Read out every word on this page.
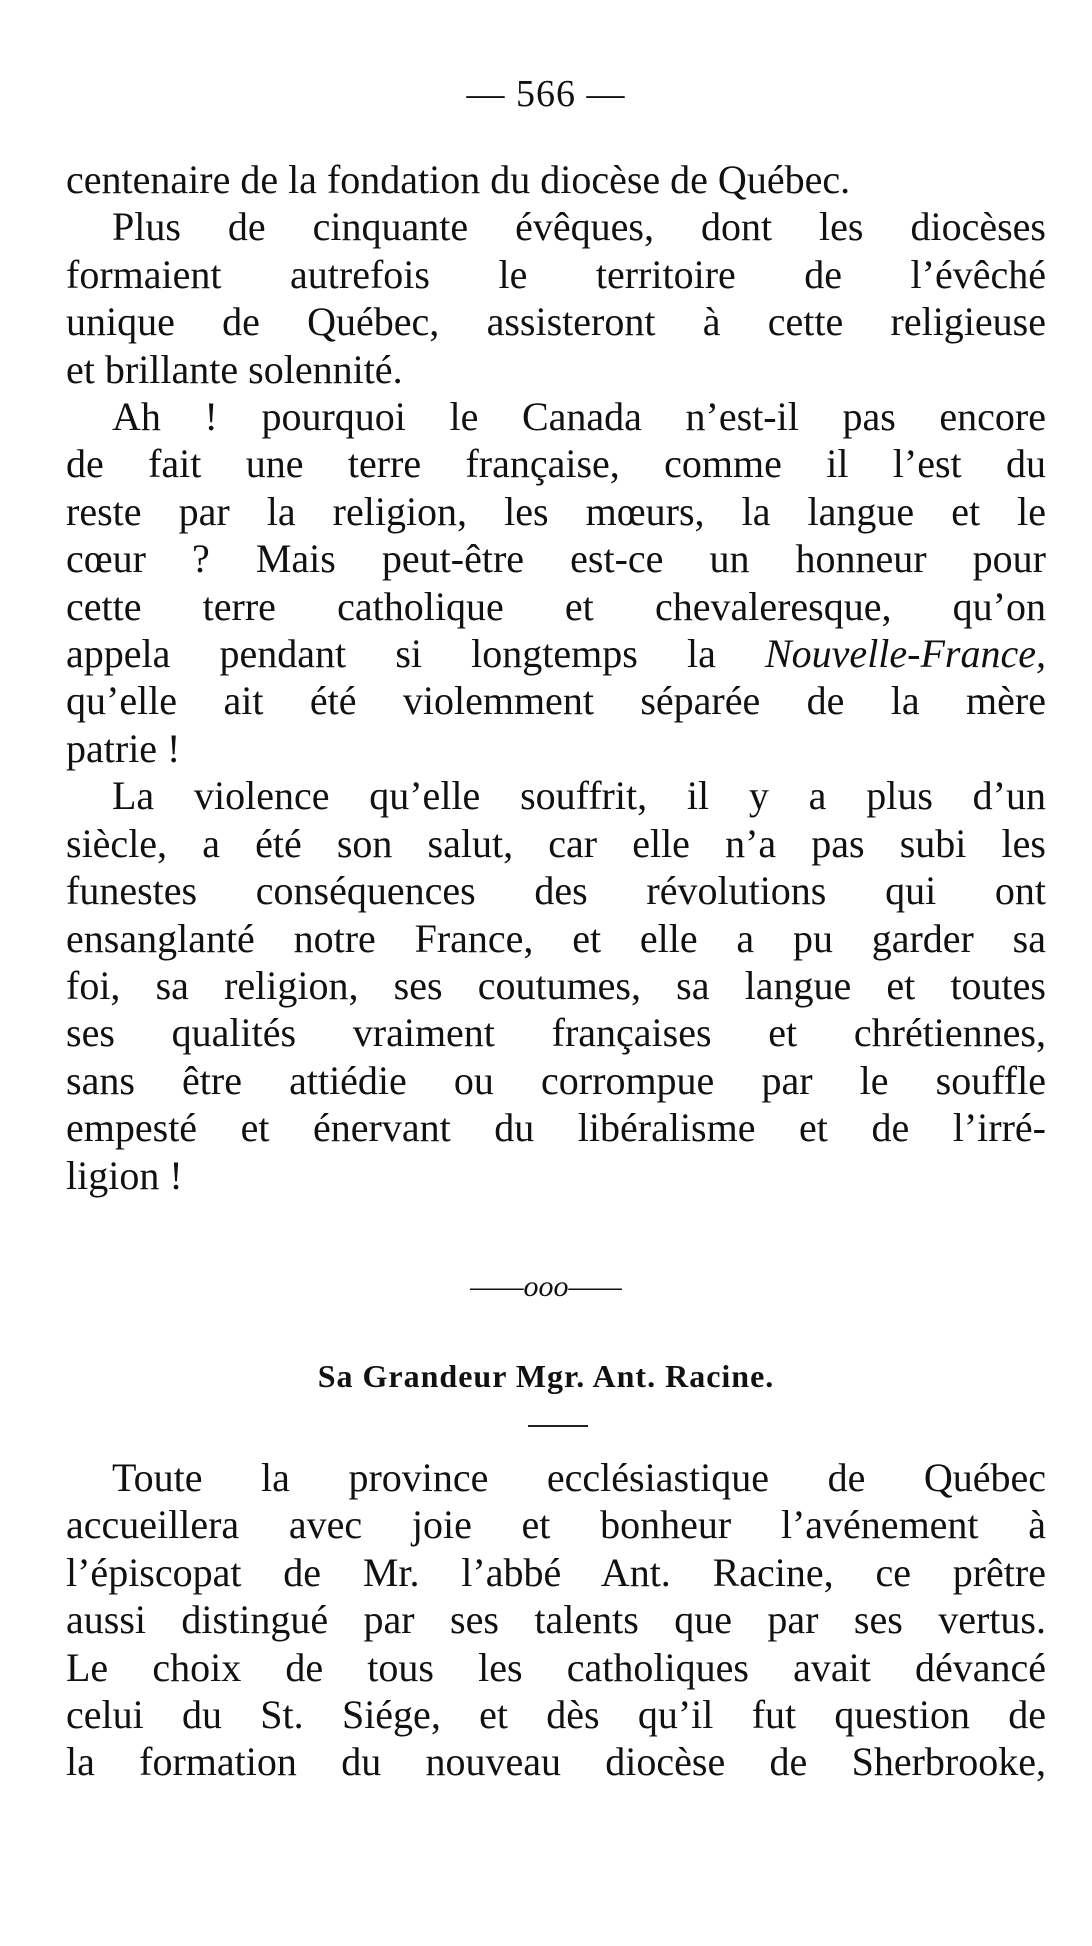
— 566 —
centenaire de la fondation du diocèse de Québec.
Plus de cinquante évêques, dont les diocèses
formaient autrefois le territoire de l’évêché
unique de Québec, assisteront à cette religieuse
et brillante solennité.
Ah ! pourquoi le Canada n’est-il pas encore
de fait une terre française, comme il l’est du
reste par la religion, les mœurs, la langue et le
cœur ? Mais peut-être est-ce un honneur pour
cette terre catholique et chevaleresque, qu’on
appela pendant si longtemps la Nouvelle-France,
qu’elle ait été violemment séparée de la mère
patrie !
La violence qu’elle souffrit, il y a plus d’un
siècle, a été son salut, car elle n’a pas subi les
funestes conséquences des révolutions qui ont
ensanglanté notre France, et elle a pu garder sa
foi, sa religion, ses coutumes, sa langue et toutes
ses qualités vraiment françaises et chrétiennes,
sans être attiédie ou corrompue par le souffle
empesté et énervant du libéralisme et de l’irré-
ligion !
——ooo——
Sa Grandeur Mgr. Ant. Racine.
Toute la province ecclésiastique de Québec
accueillera avec joie et bonheur l’avénement à
l’épiscopat de Mr. l’abbé Ant. Racine, ce prêtre
aussi distingué par ses talents que par ses vertus.
Le choix de tous les catholiques avait dévancé
celui du St. Siége, et dès qu’il fut question de
la formation du nouveau diocèse de Sherbrooke,
